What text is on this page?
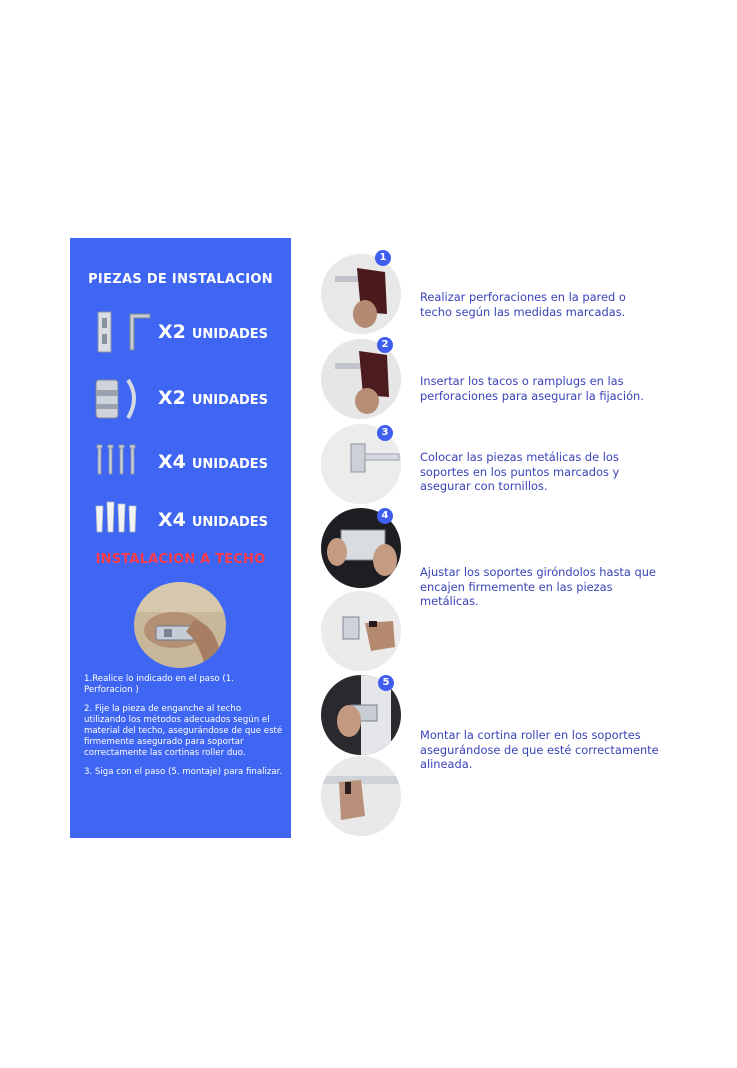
PIEZAS DE INSTALACION
X2 UNIDADES
X2 UNIDADES
X4 UNIDADES
X4 UNIDADES
INSTALACION A TECHO

1.Realice lo indicado en el paso (1. Perforacion )

2. Fije la pieza de enganche al techo utilizando los métodos adecuados según el material del techo, asegurándose de que esté firmemente asegurado para soportar correctamente las cortinas roller duo.

3. Siga con el paso (5. montaje) para finalizar.

1
Realizar perforaciones en la pared o techo según las medidas marcadas.
2
Insertar los tacos o ramplugs en las perforaciones para asegurar la fijación.
3
Colocar las piezas metálicas de los soportes en los puntos marcados y asegurar con tornillos.
4
Ajustar los soportes giróndolos hasta que encajen firmemente en las piezas metálicas.
5
Montar la cortina roller en los soportes asegurándose de que esté correctamente alineada.
